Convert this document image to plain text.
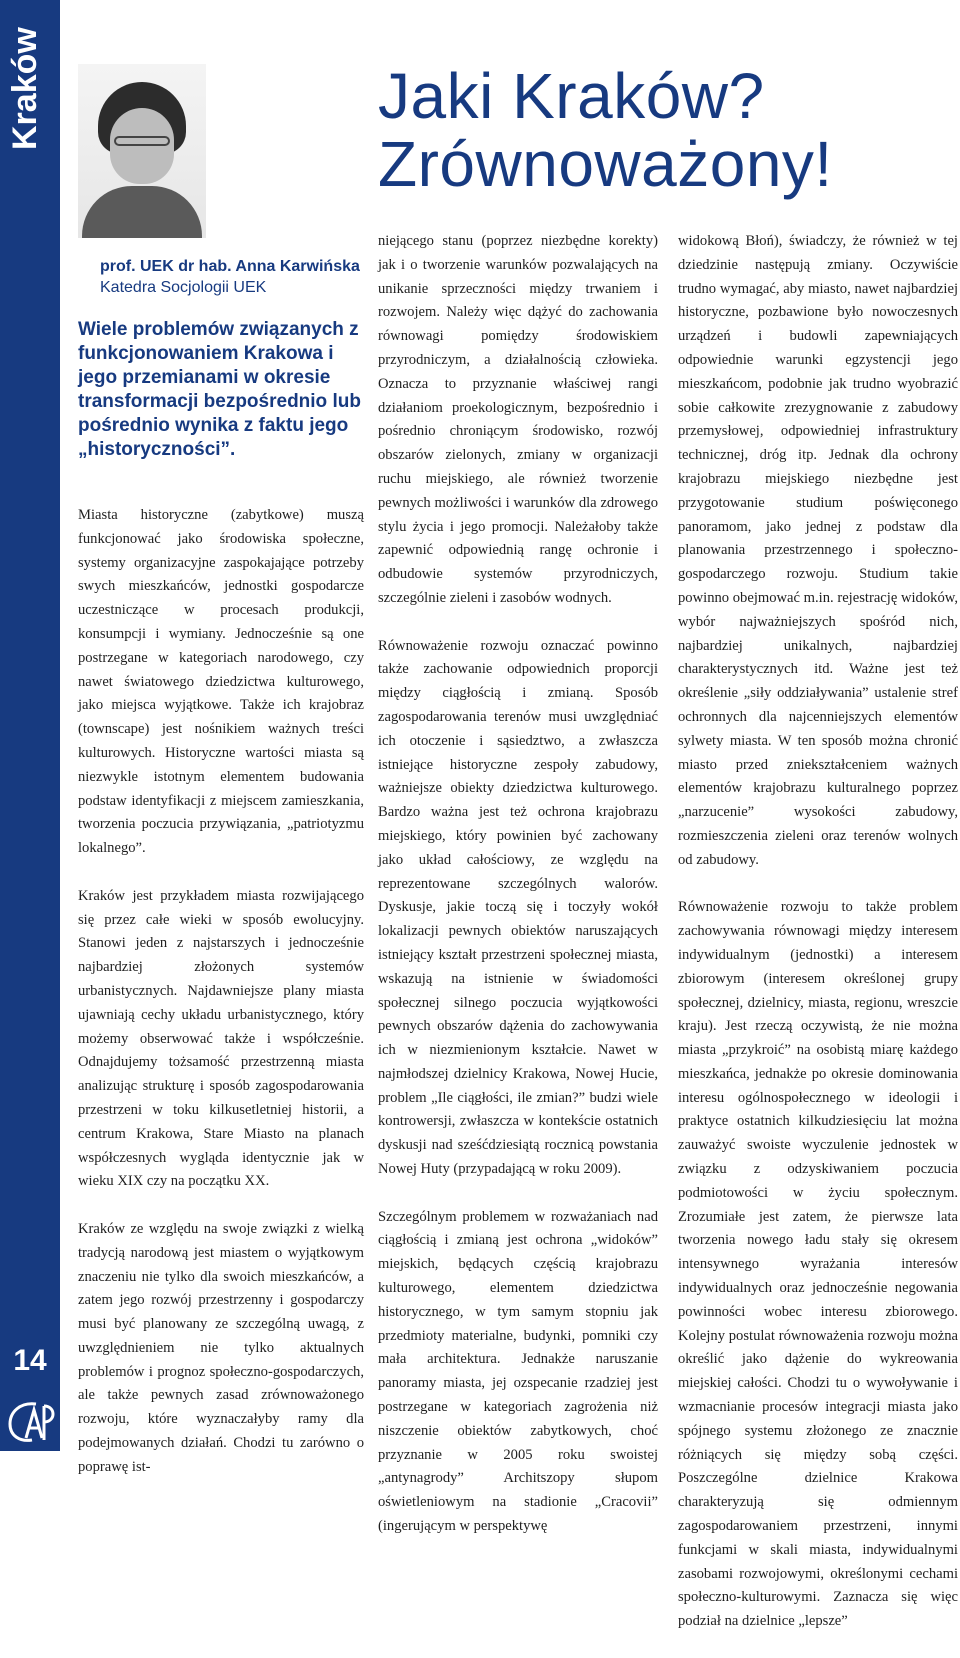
Kraków
14
Jaki Kraków?
Zrównoważony!
prof. UEK dr hab. Anna Karwińska
Katedra Socjologii UEK

Wiele problemów związanych z funkcjonowaniem Krakowa i jego przemianami w okresie transformacji bezpośrednio lub pośrednio wynika z faktu jego „historyczności”.

Miasta historyczne (zabytkowe) muszą funkcjonować jako środowiska społeczne, systemy organizacyjne zaspokajające potrzeby swych mieszkańców, jednostki gospodarcze uczestniczące w procesach produkcji, konsumpcji i wymiany. Jednocześnie są one postrzegane w kategoriach narodowego, czy nawet światowego dziedzictwa kulturowego, jako miejsca wyjątkowe. Także ich krajobraz (townscape) jest nośnikiem ważnych treści kulturowych. Historyczne wartości miasta są niezwykle istotnym elementem budowania podstaw identyfikacji z miejscem zamieszkania, tworzenia poczucia przywiązania, „patriotyzmu lokalnego”.

Kraków jest przykładem miasta rozwijającego się przez całe wieki w sposób ewolucyjny. Stanowi jeden z najstarszych i jednocześnie najbardziej złożonych systemów urbanistycznych. Najdawniejsze plany miasta ujawniają cechy układu urbanistycznego, który możemy obserwować także i współcześnie. Odnajdujemy tożsamość przestrzenną miasta analizując strukturę i sposób zagospodarowania przestrzeni w toku kilkusetletniej historii, a centrum Krakowa, Stare Miasto na planach współczesnych wygląda identycznie jak w wieku XIX czy na początku XX.

Kraków ze względu na swoje związki z wielką tradycją narodową jest miastem o wyjątkowym znaczeniu nie tylko dla swoich mieszkańców, a zatem jego rozwój przestrzenny i gospodarczy musi być planowany ze szczególną uwagą, z uwzględnieniem nie tylko aktualnych problemów i prognoz społeczno-gospodarczych, ale także pewnych zasad zrównoważonego rozwoju, które wyznaczałyby ramy dla podejmowanych działań. Chodzi tu zarówno o poprawę ist-

niejącego stanu (poprzez niezbędne korekty) jak i o tworzenie warunków pozwalających na unikanie sprzeczności między trwaniem i rozwojem. Należy więc dążyć do zachowania równowagi pomiędzy środowiskiem przyrodniczym, a działalnością człowieka. Oznacza to przyznanie właściwej rangi działaniom proekologicznym, bezpośrednio i pośrednio chroniącym środowisko, rozwój obszarów zielonych, zmiany w organizacji ruchu miejskiego, ale również tworzenie pewnych możliwości i warunków dla zdrowego stylu życia i jego promocji. Należałoby także zapewnić odpowiednią rangę ochronie i odbudowie systemów przyrodniczych, szczególnie zieleni i zasobów wodnych.

Równoważenie rozwoju oznaczać powinno także zachowanie odpowiednich proporcji między ciągłością i zmianą. Sposób zagospodarowania terenów musi uwzględniać ich otoczenie i sąsiedztwo, a zwłaszcza istniejące historyczne zespoły zabudowy, ważniejsze obiekty dziedzictwa kulturowego. Bardzo ważna jest też ochrona krajobrazu miejskiego, który powinien być zachowany jako układ całościowy, ze względu na reprezentowane szczególnych walorów. Dyskusje, jakie toczą się i toczyły wokół lokalizacji pewnych obiektów naruszających istniejący kształt przestrzeni społecznej miasta, wskazują na istnienie w świadomości społecznej silnego poczucia wyjątkowości pewnych obszarów dążenia do zachowywania ich w niezmienionym kształcie. Nawet w najmłodszej dzielnicy Krakowa, Nowej Hucie, problem „Ile ciągłości, ile zmian?” budzi wiele kontrowersji, zwłaszcza w kontekście ostatnich dyskusji nad sześćdziesiątą rocznicą powstania Nowej Huty (przypadającą w roku 2009).

Szczególnym problemem w rozważaniach nad ciągłością i zmianą jest ochrona „widoków” miejskich, będących częścią krajobrazu kulturowego, elementem dziedzictwa historycznego, w tym samym stopniu jak przedmioty materialne, budynki, pomniki czy mała architektura. Jednakże naruszanie panoramy miasta, jej ozspecanie rzadziej jest postrzegane w kategoriach zagrożenia niż niszczenie obiektów zabytkowych, choć przyznanie w 2005 roku swoistej „antynagrody” Architszopy słupom oświetleniowym na stadionie „Cracovii” (ingerującym w perspektywę

widokową Błoń), świadczy, że również w tej dziedzinie następują zmiany. Oczywiście trudno wymagać, aby miasto, nawet najbardziej historyczne, pozbawione było nowoczesnych urządzeń i budowli zapewniających odpowiednie warunki egzystencji jego mieszkańcom, podobnie jak trudno wyobrazić sobie całkowite zrezygnowanie z zabudowy przemysłowej, odpowiedniej infrastruktury technicznej, dróg itp. Jednak dla ochrony krajobrazu miejskiego niezbędne jest przygotowanie studium poświęconego panoramom, jako jednej z podstaw dla planowania przestrzennego i społeczno-gospodarczego rozwoju. Studium takie powinno obejmować m.in. rejestrację widoków, wybór najważniejszych spośród nich, najbardziej unikalnych, najbardziej charakterystycznych itd. Ważne jest też określenie „siły oddziaływania” ustalenie stref ochronnych dla najcenniejszych elementów sylwety miasta. W ten sposób można chronić miasto przed zniekształceniem ważnych elementów krajobrazu kulturalnego poprzez „narzucenie” wysokości zabudowy, rozmieszczenia zieleni oraz terenów wolnych od zabudowy.

Równoważenie rozwoju to także problem zachowywania równowagi między interesem indywidualnym (jednostki) a interesem zbiorowym (interesem określonej grupy społecznej, dzielnicy, miasta, regionu, wreszcie kraju). Jest rzeczą oczywistą, że nie można miasta „przykroić” na osobistą miarę każdego mieszkańca, jednakże po okresie dominowania interesu ogólnospołecznego w ideologii i praktyce ostatnich kilkudziesięciu lat można zauważyć swoiste wyczulenie jednostek w związku z odzyskiwaniem poczucia podmiotowości w życiu społecznym. Zrozumiałe jest zatem, że pierwsze lata tworzenia nowego ładu stały się okresem intensywnego wyrażania interesów indywidualnych oraz jednocześnie negowania powinności wobec interesu zbiorowego. Kolejny postulat równoważenia rozwoju można określić jako dążenie do wykreowania miejskiej całości. Chodzi tu o wywoływanie i wzmacnianie procesów integracji miasta jako spójnego systemu złożonego ze znacznie różniących się między sobą części. Poszczególne dzielnice Krakowa charakteryzują się odmiennym zagospodarowaniem przestrzeni, innymi funkcjami w skali miasta, indywidualnymi zasobami rozwojowymi, określonymi cechami społeczno-kulturowymi. Zaznacza się więc podział na dzielnice „lepsze”
